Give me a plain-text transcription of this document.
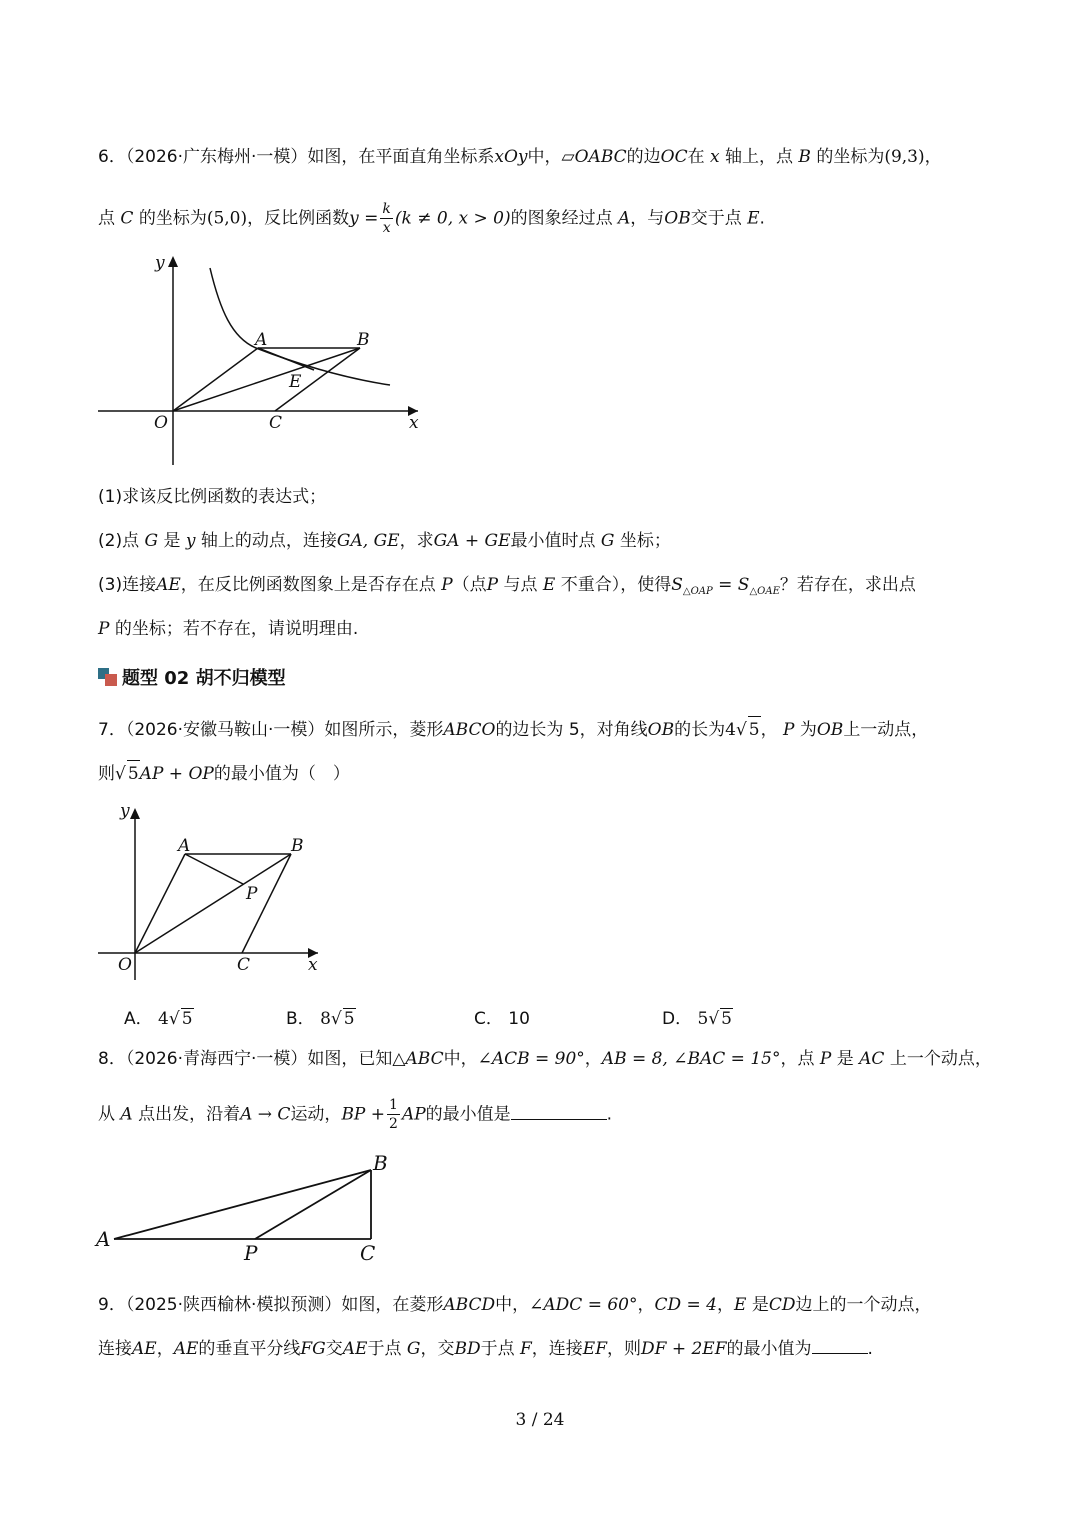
6．（2026·广东梅州·一模）如图，在平面直角坐标系xOy中，▱OABC的边OC在 x 轴上，点 B 的坐标为(9,3)，
点 C 的坐标为(5,0)，反比例函数$y = \frac{k}{x} (k \ne 0$, x > 0)的图象经过点 A，与OB交于点 E.
y
x
O
A	B
C
E
(1)求该反比例函数的表达式；
(2)点 G 是 y 轴上的动点，连接GA, GE，求GA + GE最小值时点 G 坐标；
(3)连接AE，在反比例函数图象上是否存在点 P（点P 与点 E 不重合），使得$S_{\triangle OAP} = S_{\triangle OAE}$？若存在，求出点
P 的坐标；若不存在，请说明理由.
题型 02 胡不归模型
7．（2026·安徽马鞍山·一模）如图所示，菱形ABCO的边长为 5，对角线OB的长为4√ 5， P 为OB上一动点，
则√ 5AP + OP的最小值为（　）
y
x
O
A	B
C
P
A． 4√ 5	B． 8√ 5	C． 10	D． 5√ 5
8．（2026·青海西宁·一模）如图，已知△ABC中，∠ACB = 90°，AB = 8, ∠BAC = 15°，点 P 是 AC 上一个动点，
从 A 点出发，沿着A → C运动，BP + $\frac{1}{2}$ AP的最小值是	.
A
B
C
P
9．（2025·陕西榆林·模拟预测）如图，在菱形ABCD中，∠ADC = 60°，CD = 4，E 是CD边上的一个动点，
连接AE，AE的垂直平分线FG交AE于点 G，交BD于点 F，连接EF，则DF + 2EF的最小值为	.
3 / 24
